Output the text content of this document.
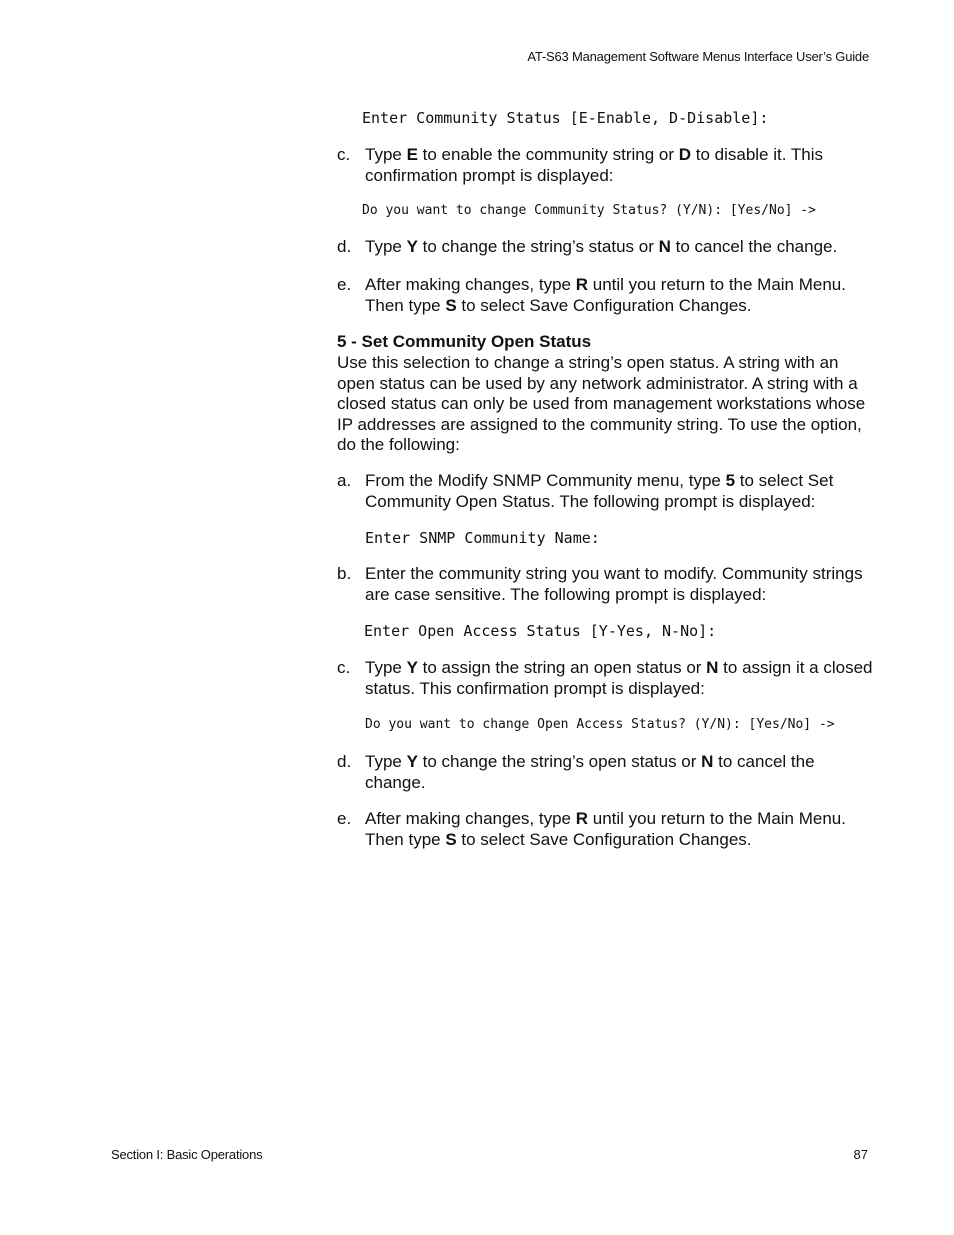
AT-S63 Management Software Menus Interface User’s Guide
Enter Community Status [E-Enable, D-Disable]:
c. Type E to enable the community string or D to disable it. This confirmation prompt is displayed:
Do you want to change Community Status? (Y/N): [Yes/No] ->
d. Type Y to change the string’s status or N to cancel the change.
e. After making changes, type R until you return to the Main Menu. Then type S to select Save Configuration Changes.
5 - Set Community Open Status
Use this selection to change a string’s open status. A string with an open status can be used by any network administrator. A string with a closed status can only be used from management workstations whose IP addresses are assigned to the community string. To use the option, do the following:
a. From the Modify SNMP Community menu, type 5 to select Set Community Open Status. The following prompt is displayed:
Enter SNMP Community Name:
b. Enter the community string you want to modify. Community strings are case sensitive. The following prompt is displayed:
Enter Open Access Status [Y-Yes, N-No]:
c. Type Y to assign the string an open status or N to assign it a closed status. This confirmation prompt is displayed:
Do you want to change Open Access Status? (Y/N): [Yes/No] ->
d. Type Y to change the string’s open status or N to cancel the change.
e. After making changes, type R until you return to the Main Menu. Then type S to select Save Configuration Changes.
Section I: Basic Operations	87
